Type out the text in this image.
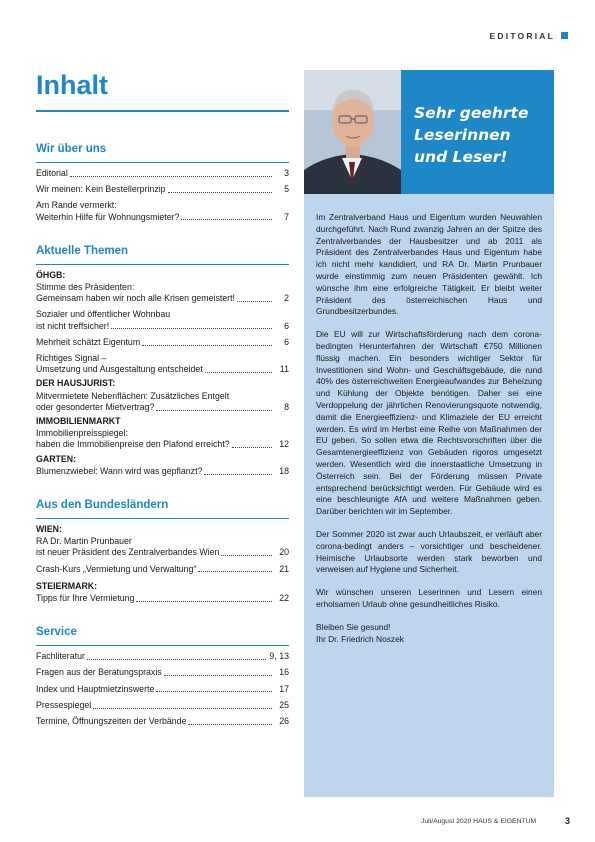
EDITORIAL
Inhalt
Wir über uns
Editorial	3
Wir meinen: Kein Bestellerprinzip	5
Am Rande vermerkt:
Weiterhin Hilfe für Wohnungsmieter?	7
Aktuelle Themen
ÖHGB:
Stimme des Präsidenten:
Gemeinsam haben wir noch alle Krisen gemeistert!	2
Sozialer und öffentlicher Wohnbau
ist nicht treffsicher!	6
Mehrheit schätzt Eigentum	6
Richtiges Signal –
Umsetzung und Ausgestaltung entscheidet	11
DER HAUSJURIST:
Mitvermietete Nebenflächen: Zusätzliches Entgelt
oder gesonderter Mietvertrag?	8
IMMOBILIENMARKT
Immobilienpreisspiegel:
haben die Immobilienpreise den Plafond erreicht?	12
GARTEN:
Blumenzwiebel: Wann wird was gepflanzt?	18
Aus den Bundesländern
WIEN:
RA Dr. Martin Prunbauer
ist neuer Präsident des Zentralverbandes Wien	20
Crash-Kurs „Vermietung und Verwaltung“	21
STEIERMARK:
Tipps für Ihre Vermietung	22
Service
Fachliteratur	9, 13
Fragen aus der Beratungspraxis	16
Index und Hauptmietzinswerte	17
Pressespiegel	25
Termine, Öffnungszeiten der Verbände	26
Sehr geehrte
Leserinnen
und Leser!

Im Zentralverband Haus und Eigentum wurden Neuwahlen durchgeführt. Nach Rund zwanzig Jahren an der Spitze des Zentralverbandes der Hausbesitzer und ab 2011 als Präsident des Zentralverbandes Haus und Eigentum habe ich nicht mehr kandidiert, und RA Dr. Martin Prunbauer wurde einstimmig zum neuen Präsidenten gewählt. Ich wünsche ihm eine erfolgreiche Tätigkeit. Er bleibt weiter Präsident des österreichischen Haus und Grundbesitzerbundes.

Die EU will zur Wirtschaftsförderung nach dem corona-bedingten Herunterfahren der Wirtschaft €750 Millionen flüssig machen. Ein besonders wichtiger Sektor für Investitionen sind Wohn- und Geschäftsgebäude, die rund 40% des österreichweiten Energieaufwandes zur Beheizung und Kühlung der Objekte benötigen. Daher sei eine Verdoppelung der jährlichen Renovierungsquote notwendig, damit die Energieeffizienz- und Klimaziele der EU erreicht werden. Es wird im Herbst eine Reihe von Maßnahmen der EU geben. So sollen etwa die Rechtsvorschriften über die Gesamtenergieeffizienz von Gebäuden rigoros umgesetzt werden. Wesentlich wird die innerstaatliche Umsetzung in Österreich sein. Bei der Förderung müssen Private entsprechend berücksichtigt werden. Für Gebäude wird es eine beschleunigte AfA und weitere Maßnahmen geben. Darüber berichten wir im September.

Der Sommer 2020 ist zwar auch Urlaubszeit, er verläuft aber corona-bedingt anders – vorsichtiger und bescheidener. Heimische Urlaubsorte werden stark beworben und verweisen auf Hygiene und Sicherheit.

Wir wünschen unseren Leserinnen und Lesern einen erholsamen Urlaub ohne gesundheitliches Risiko.

Bleiben Sie gesund!

Ihr Dr. Friedrich Noszek

Juli/August 2020 HAUS & EIGENTUM	3
